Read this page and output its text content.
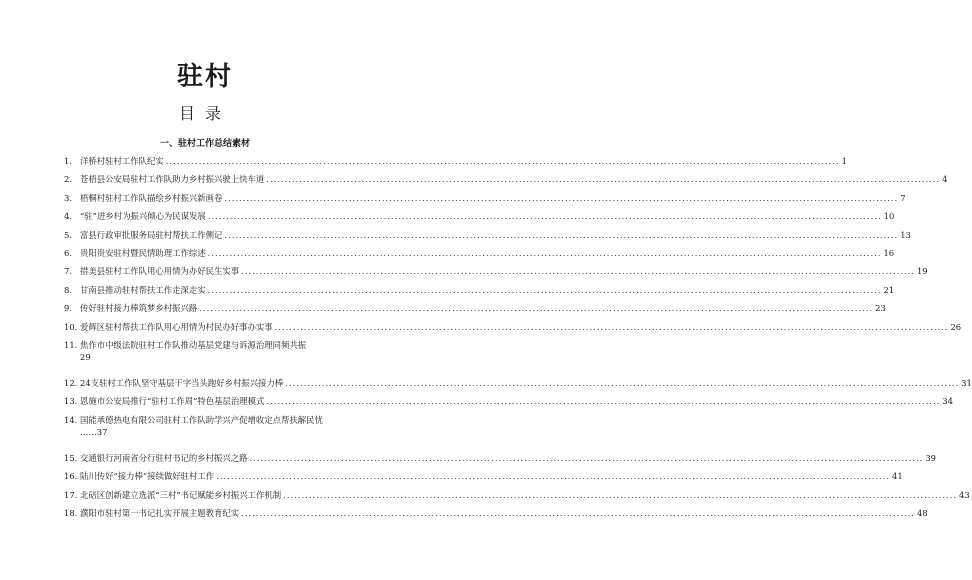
驻村
目录
一、驻村工作总结素材
1. 洋桥村驻村工作队纪实 .....	1
2. 苍梧县公安局驻村工作队助力乡村振兴驶上快车道 .....	4
3. 梧桐村驻村工作队描绘乡村振兴新画卷 .....	7
4. “驻”进乡村为振兴倾心为民谋发展 .....	10
5. 富县行政审批服务局驻村帮扶工作侧记 .....	13
6. 贵阳贵安驻村暨民情助理工作综述 .....	16
7. 措美县驻村工作队用心用情为办好民生实事 .....	19
8. 甘南县推动驻村帮扶工作走深走实 .....	21
9. 传好驻村接力棒筑梦乡村振兴路 .....	23
10. 爱辉区驻村帮扶工作队用心用情为村民办好事办实事 .....	26
11. 焦作市中级法院驻村工作队推动基层党建与诉源治理同频共振
29
12. 24支驻村工作队坚守基层干字当头跑好乡村振兴接力棒 .....	31
13. 恩施市公安局推行“驻村工作周”特色基层治理模式 .....	34
14. 国能承德热电有限公司驻村工作队助学兴产促增收定点帮扶解民忧
……37
15. 交通银行河南省分行驻村书记的乡村振兴之路 .....	39
16. 陆川传好“接力棒”接续做好驻村工作 .....	41
17. 北碚区创新建立选派“三村”书记赋能乡村振兴工作机制 .....	43
18. 濮阳市驻村第一书记扎实开展主题教育纪实 .....	48
